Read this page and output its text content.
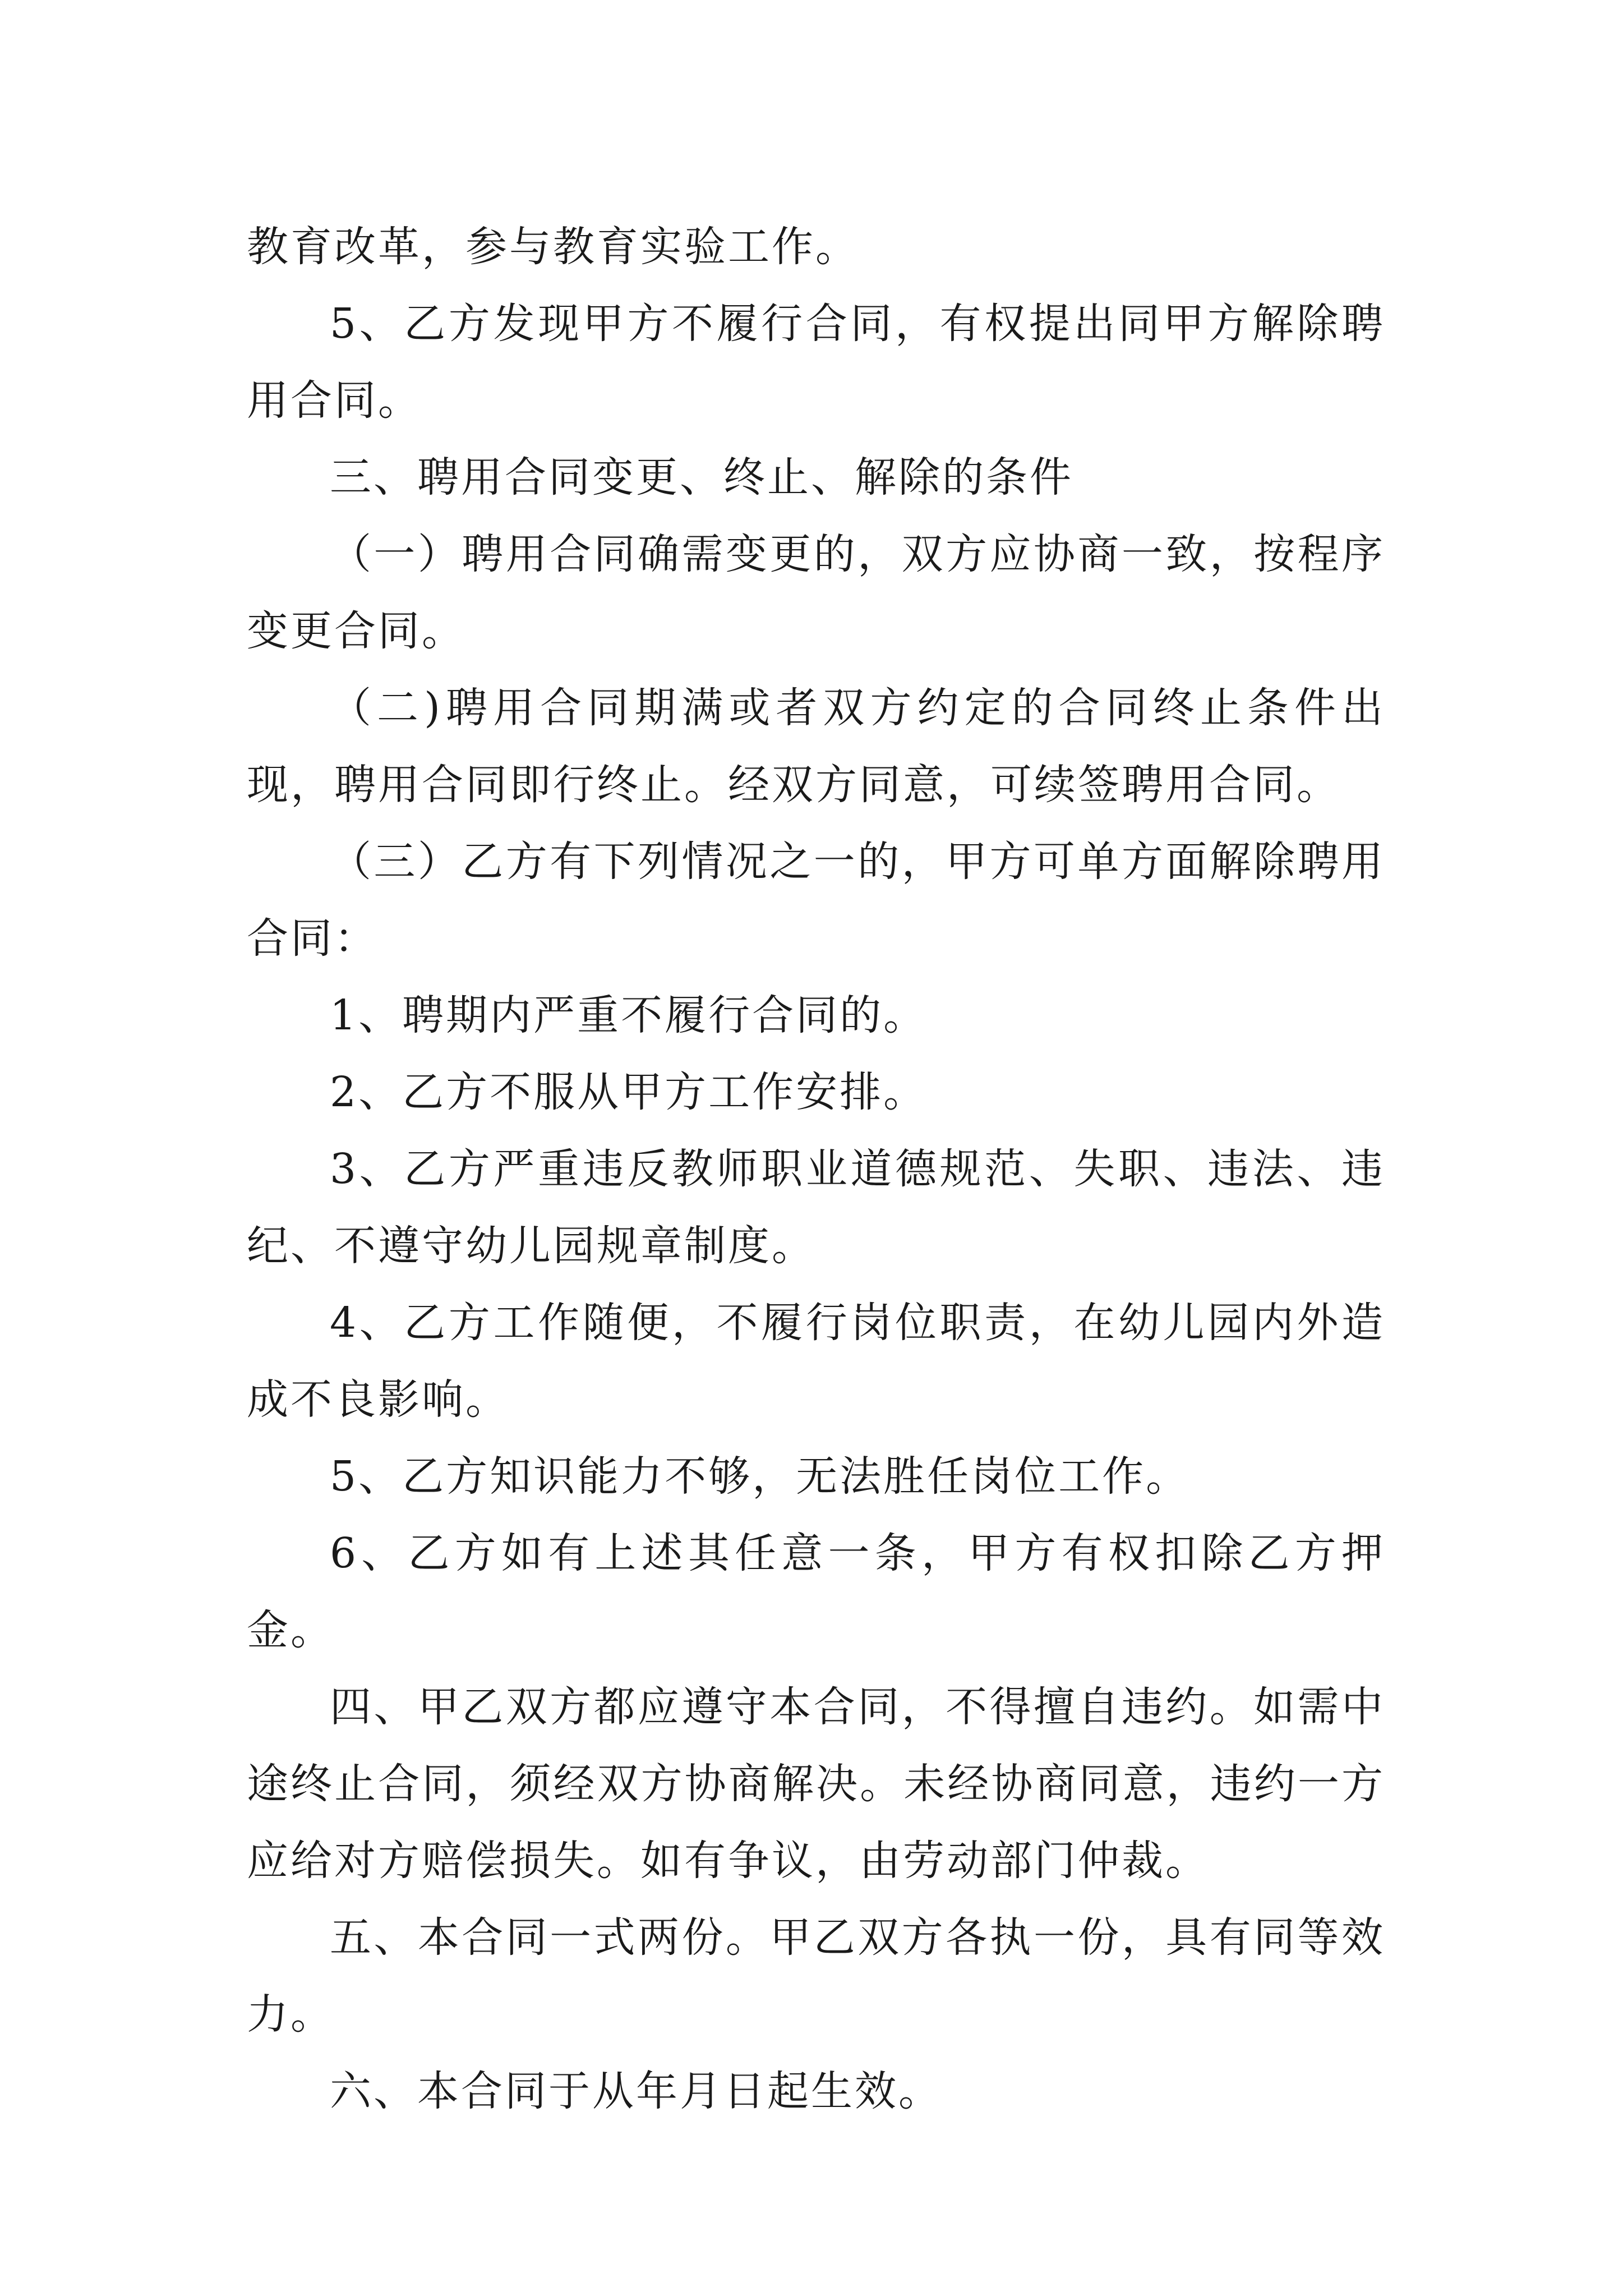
教育改革，参与教育实验工作。

5、乙方发现甲方不履行合同，有权提出同甲方解除聘用合同。

三、聘用合同变更、终止、解除的条件

（一）聘用合同确需变更的，双方应协商一致，按程序变更合同。

（二)聘用合同期满或者双方约定的合同终止条件出现，聘用合同即行终止。经双方同意，可续签聘用合同。

（三）乙方有下列情况之一的，甲方可单方面解除聘用合同：

1、聘期内严重不履行合同的。

2、乙方不服从甲方工作安排。

3、乙方严重违反教师职业道德规范、失职、违法、违纪、不遵守幼儿园规章制度。

4、乙方工作随便，不履行岗位职责，在幼儿园内外造成不良影响。

5、乙方知识能力不够，无法胜任岗位工作。

6、乙方如有上述其任意一条，甲方有权扣除乙方押金。

四、甲乙双方都应遵守本合同，不得擅自违约。如需中途终止合同，须经双方协商解决。未经协商同意，违约一方应给对方赔偿损失。如有争议，由劳动部门仲裁。

五、本合同一式两份。甲乙双方各执一份，具有同等效力。

六、本合同于从年月日起生效。
